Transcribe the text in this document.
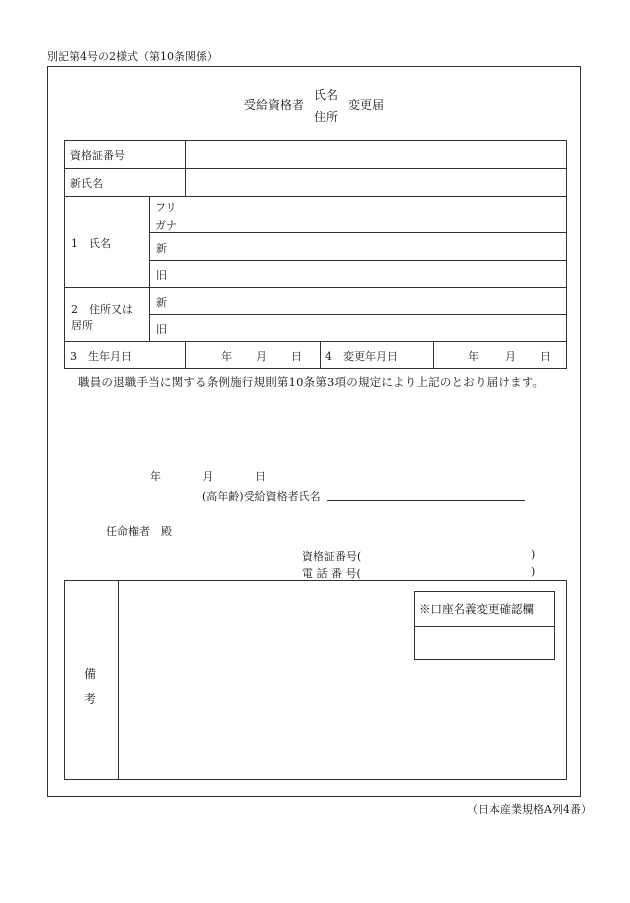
別記第4号の2様式（第10条関係）
受給資格者
氏名
住所
変更届
資格証番号
新氏名
1　氏名
フリ
ガナ
新
旧
2　住所又は
居所
新
旧
3　生年月日	年 月 日 4　変更年月日	年 月 日
職員の退職手当に関する条例施行規則第10条第3項の規定により上記のとおり届けます。
年	月	日
(高年齢)受給資格者氏名
任命権者　殿
資格証番号(	)
電 話 番 号(	)
備
考
※口座名義変更確認欄
（日本産業規格A列4番）
